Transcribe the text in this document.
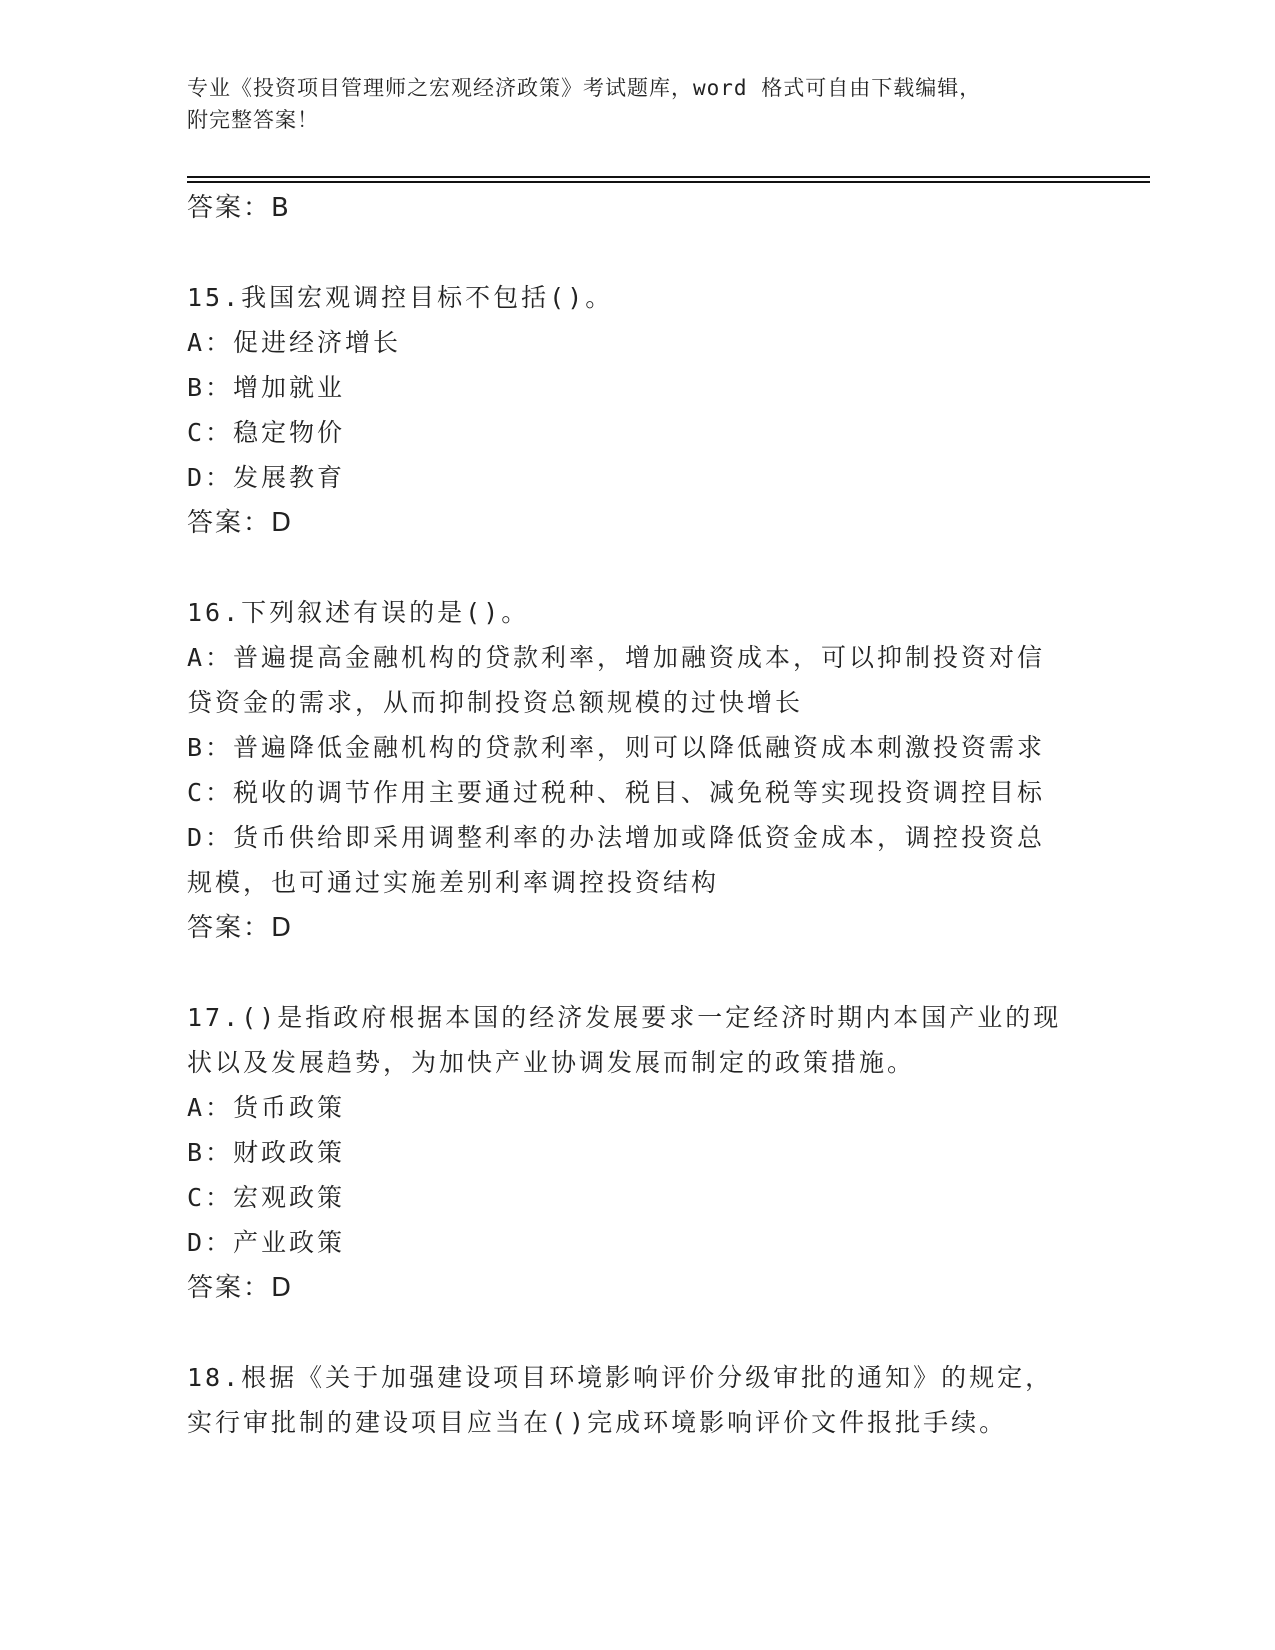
专业《投资项目管理师之宏观经济政策》考试题库，word 格式可自由下载编辑，

附完整答案！

答案：B

15.我国宏观调控目标不包括()。

A：促进经济增长

B：增加就业

C：稳定物价

D：发展教育

答案：D

16.下列叙述有误的是()。

A：普遍提高金融机构的贷款利率，增加融资成本，可以抑制投资对信

贷资金的需求，从而抑制投资总额规模的过快增长

B：普遍降低金融机构的贷款利率，则可以降低融资成本刺激投资需求

C：税收的调节作用主要通过税种、税目、减免税等实现投资调控目标

D：货币供给即采用调整利率的办法增加或降低资金成本，调控投资总

规模，也可通过实施差别利率调控投资结构

答案：D

17.()是指政府根据本国的经济发展要求一定经济时期内本国产业的现

状以及发展趋势，为加快产业协调发展而制定的政策措施。

A：货币政策

B：财政政策

C：宏观政策

D：产业政策

答案：D

18.根据《关于加强建设项目环境影响评价分级审批的通知》的规定，

实行审批制的建设项目应当在()完成环境影响评价文件报批手续。
